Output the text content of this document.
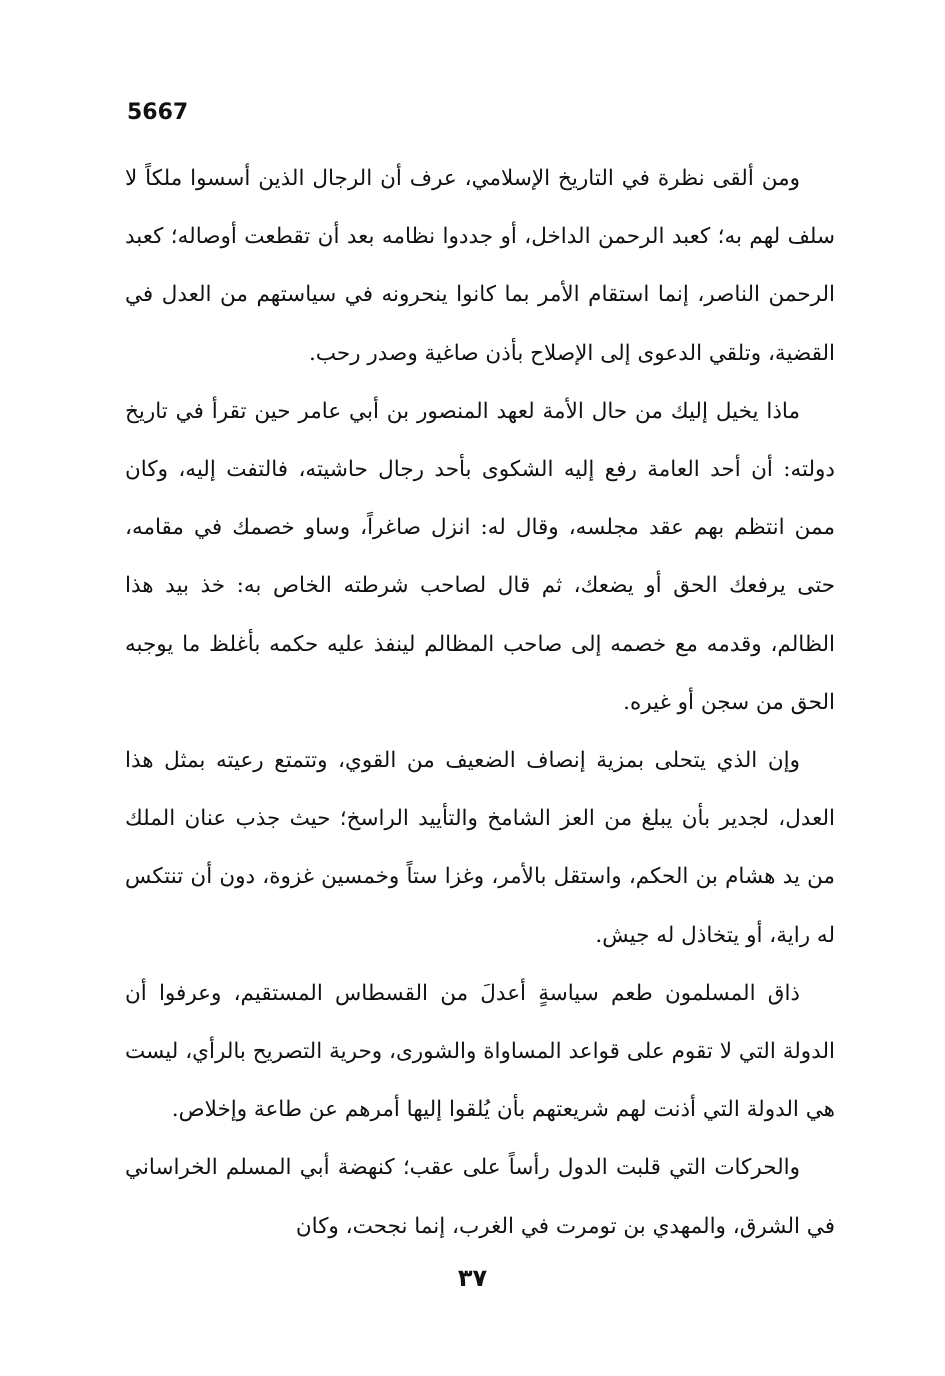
5667

ومن ألقى نظرة في التاريخ الإسلامي، عرف أن الرجال الذين أسسوا ملكاً لا سلف لهم به؛ كعبد الرحمن الداخل، أو جددوا نظامه بعد أن تقطعت أوصاله؛ كعبد الرحمن الناصر، إنما استقام الأمر بما كانوا ينحرونه في سياستهم من العدل في القضية، وتلقي الدعوى إلى الإصلاح بأذن صاغية وصدر رحب.

ماذا يخيل إليك من حال الأمة لعهد المنصور بن أبي عامر حين تقرأ في تاريخ دولته: أن أحد العامة رفع إليه الشكوى بأحد رجال حاشيته، فالتفت إليه، وكان ممن انتظم بهم عقد مجلسه، وقال له: انزل صاغراً، وساو خصمك في مقامه، حتى يرفعك الحق أو يضعك، ثم قال لصاحب شرطته الخاص به: خذ بيد هذا الظالم، وقدمه مع خصمه إلى صاحب المظالم لينفذ عليه حكمه بأغلظ ما يوجبه الحق من سجن أو غيره.

وإن الذي يتحلى بمزية إنصاف الضعيف من القوي، وتتمتع رعيته بمثل هذا العدل، لجدير بأن يبلغ من العز الشامخ والتأييد الراسخ؛ حيث جذب عنان الملك من يد هشام بن الحكم، واستقل بالأمر، وغزا ستاً وخمسين غزوة، دون أن تنتكس له راية، أو يتخاذل له جيش.

ذاق المسلمون طعم سياسةٍ أعدلَ من القسطاس المستقيم، وعرفوا أن الدولة التي لا تقوم على قواعد المساواة والشورى، وحرية التصريح بالرأي، ليست هي الدولة التي أذنت لهم شريعتهم بأن يُلقوا إليها أمرهم عن طاعة وإخلاص.

والحركات التي قلبت الدول رأساً على عقب؛ كنهضة أبي المسلم الخراساني في الشرق، والمهدي بن تومرت في الغرب، إنما نجحت، وكان

٣٧
